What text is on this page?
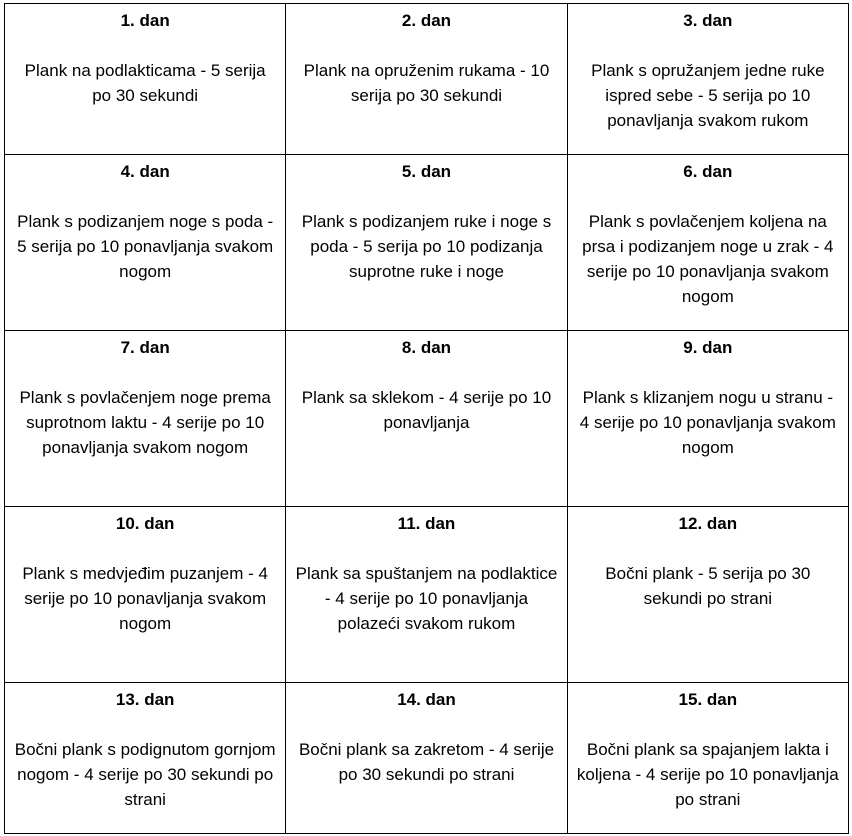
1. dan
Plank na podlakticama - 5 serija po 30 sekundi	2. dan
Plank na opruženim rukama - 10 serija po 30 sekundi	3. dan
Plank s opružanjem jedne ruke ispred sebe - 5 serija po 10 ponavljanja svakom rukom

4. dan
Plank s podizanjem noge s poda - 5 serija po 10 ponavljanja svakom nogom	5. dan
Plank s podizanjem ruke i noge s poda - 5 serija po 10 podizanja suprotne ruke i noge	6. dan
Plank s povlačenjem koljena na prsa i podizanjem noge u zrak - 4 serije po 10 ponavljanja svakom nogom

7. dan
Plank s povlačenjem noge prema suprotnom laktu - 4 serije po 10 ponavljanja svakom nogom	8. dan
Plank sa sklekom - 4 serije po 10 ponavljanja	9. dan
Plank s klizanjem nogu u stranu - 4 serije po 10 ponavljanja svakom nogom

10. dan
Plank s medvjeđim puzanjem - 4 serije po 10 ponavljanja svakom nogom	11. dan
Plank sa spuštanjem na podlaktice - 4 serije po 10 ponavljanja polazeći svakom rukom	12. dan
Bočni plank - 5 serija po 30 sekundi po strani

13. dan
Bočni plank s podignutom gornjom nogom - 4 serije po 30 sekundi po strani	14. dan
Bočni plank sa zakretom - 4 serije po 30 sekundi po strani	15. dan
Bočni plank sa spajanjem lakta i koljena - 4 serije po 10 ponavljanja po strani
